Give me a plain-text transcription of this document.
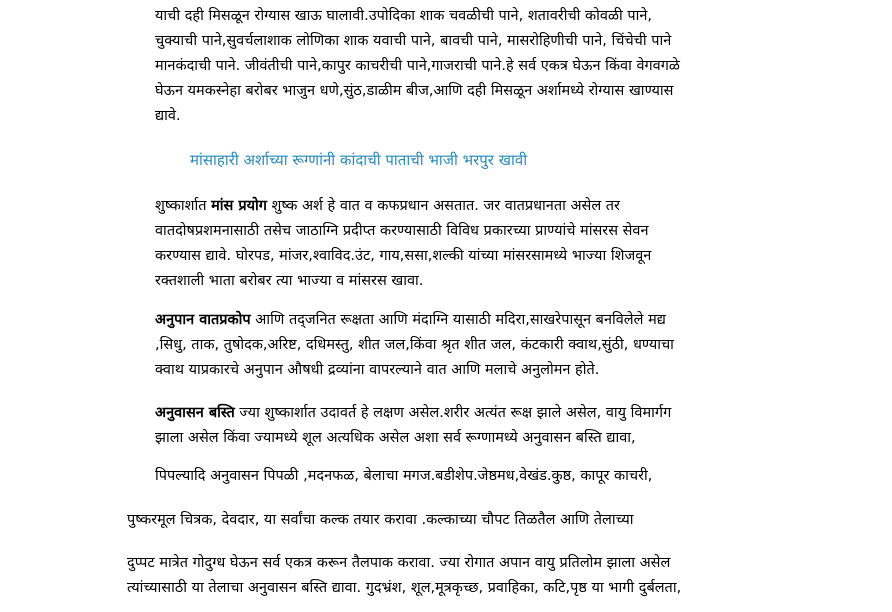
याची दही मिसळून रोग्यास खाऊ घालावी.उपोदिका शाक चवळीची पाने, शतावरीची कोवळी पाने,
चुक्याची पाने,सुवर्चलाशाक लोणिका शाक यवाची पाने, बावची पाने, मासरोहिणीची पाने, चिंचेची पाने
मानकंदाची पाने. जीवंतीची पाने,कापुर काचरीची पाने,गाजराची पाने.हे सर्व एकत्र घेऊन किंवा वेगवगळे
घेऊन यमकस्नेहा बरोबर भाजुन धणे,सुंठ,डाळीम बीज,आणि दही मिसळून अर्शामध्ये रोग्यास खाण्यास
द्यावे.
मांसाहारी अर्शाच्या रूग्णांनी कांदाची पाताची भाजी भरपुर खावी
शुष्कार्शात मांस प्रयोग शुष्क अर्श हे वात व कफप्रधान असतात. जर वातप्रधानता असेल तर
वातदोषप्रशमनासाठी तसेच जाठाग्नि प्रदीप्त करण्यासाठी विविध प्रकारच्या प्राण्यांचे मांसरस सेवन
करण्यास द्यावे. घोरपड, मांजर,श्वाविद.उंट, गाय,ससा,शल्की यांच्या मांसरसामध्ये भाज्या शिजवून
रक्तशाली भाता बरोबर त्या भाज्या व मांसरस खावा.
अनुपान वातप्रकोप आणि तद्जनित रूक्षता आणि मंदाग्नि यासाठी मदिरा,साखरेपासून बनविलेले मद्य
,सिधु, ताक, तुषोदक,अरिष्ट, दधिमस्तु, शीत जल,किंवा श्रृत शीत जल, कंटकारी क्वाथ,सुंठी, धण्याचा
क्वाथ याप्रकारचे अनुपान औषधी द्रव्यांना वापरल्याने वात आणि मलाचे अनुलोमन होते.
अनुवासन बस्ति ज्या शुष्कार्शात उदावर्त हे लक्षण असेल.शरीर अत्यंत रूक्ष झाले असेल, वायु विमार्गग
झाला असेल किंवा ज्यामध्ये शूल अत्यधिक असेल अशा सर्व रूग्णामध्ये अनुवासन बस्ति द्यावा,
पिपल्यादि अनुवासन पिपळी ,मदनफळ, बेलाचा मगज.बडीशेप.जेष्ठमध,वेखंड.कुष्ठ, कापूर काचरी,
पुष्करमूल चित्रक, देवदार, या सर्वांचा कल्क तयार करावा .कल्काच्या चौपट तिळतैल आणि तेलाच्या
दुप्पट मात्रेत गोदुग्ध घेऊन सर्व एकत्र करून तैलपाक करावा. ज्या रोगात अपान वायु प्रतिलोम झाला असेल
त्यांच्यासाठी या तेलाचा अनुवासन बस्ति द्यावा. गुदभ्रंश, शूल,मूत्रकृच्छ, प्रवाहिका, कटि,पृष्ठ या भागी दुर्बलता,
